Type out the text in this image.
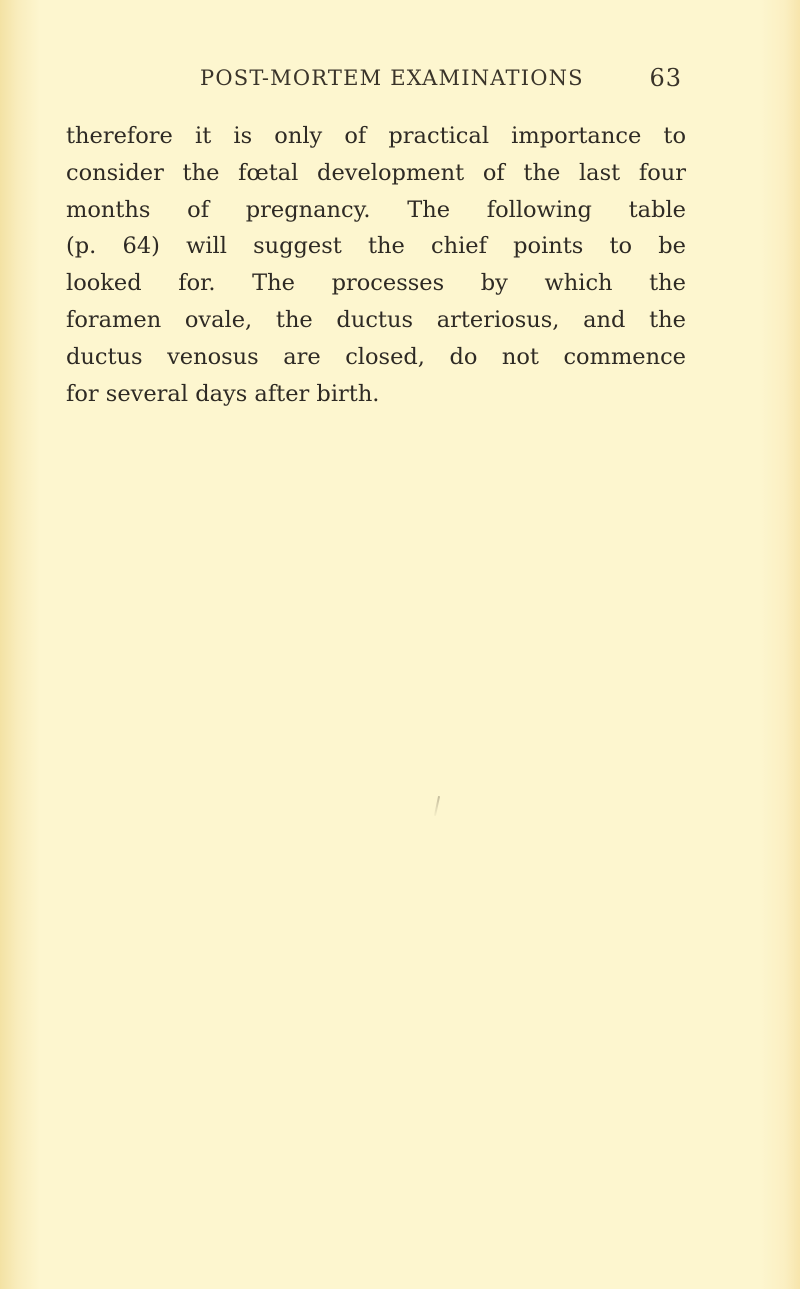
POST-MORTEM EXAMINATIONS	63

therefore it is only of practical importance to
consider the fœtal development of the last four
months of pregnancy. The following table
(p. 64) will suggest the chief points to be
looked for. The processes by which the
foramen ovale, the ductus arteriosus, and the
ductus venosus are closed, do not commence
for several days after birth.
